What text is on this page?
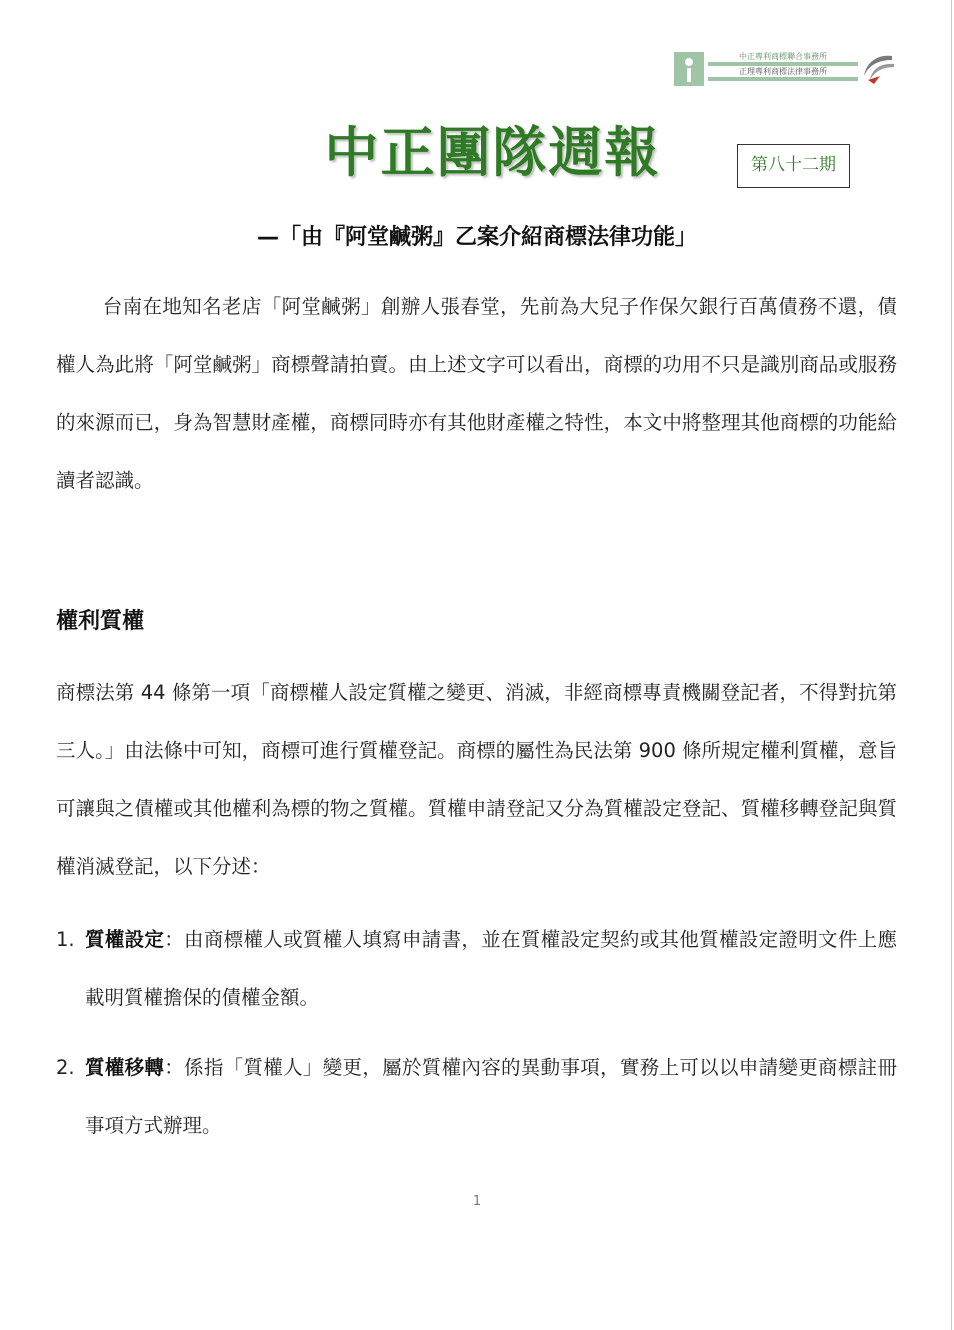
中正專利商標聯合事務所
正理專利商標法律事務所
中正團隊週報	第八十二期
—「由『阿堂鹹粥』乙案介紹商標法律功能」

台南在地知名老店「阿堂鹹粥」創辦人張春堂，先前為大兒子作保欠銀行百萬債務不還，債權人為此將「阿堂鹹粥」商標聲請拍賣。由上述文字可以看出，商標的功用不只是識別商品或服務的來源而已，身為智慧財產權，商標同時亦有其他財產權之特性，本文中將整理其他商標的功能給讀者認識。

權利質權

商標法第 44 條第一項「商標權人設定質權之變更、消滅，非經商標專責機關登記者，不得對抗第三人。」由法條中可知，商標可進行質權登記。商標的屬性為民法第 900 條所規定權利質權，意旨可讓與之債權或其他權利為標的物之質權。質權申請登記又分為質權設定登記、質權移轉登記與質權消滅登記，以下分述：

1. 質權設定：由商標權人或質權人填寫申請書，並在質權設定契約或其他質權設定證明文件上應載明質權擔保的債權金額。
2. 質權移轉：係指「質權人」變更，屬於質權內容的異動事項，實務上可以以申請變更商標註冊事項方式辦理。
1
